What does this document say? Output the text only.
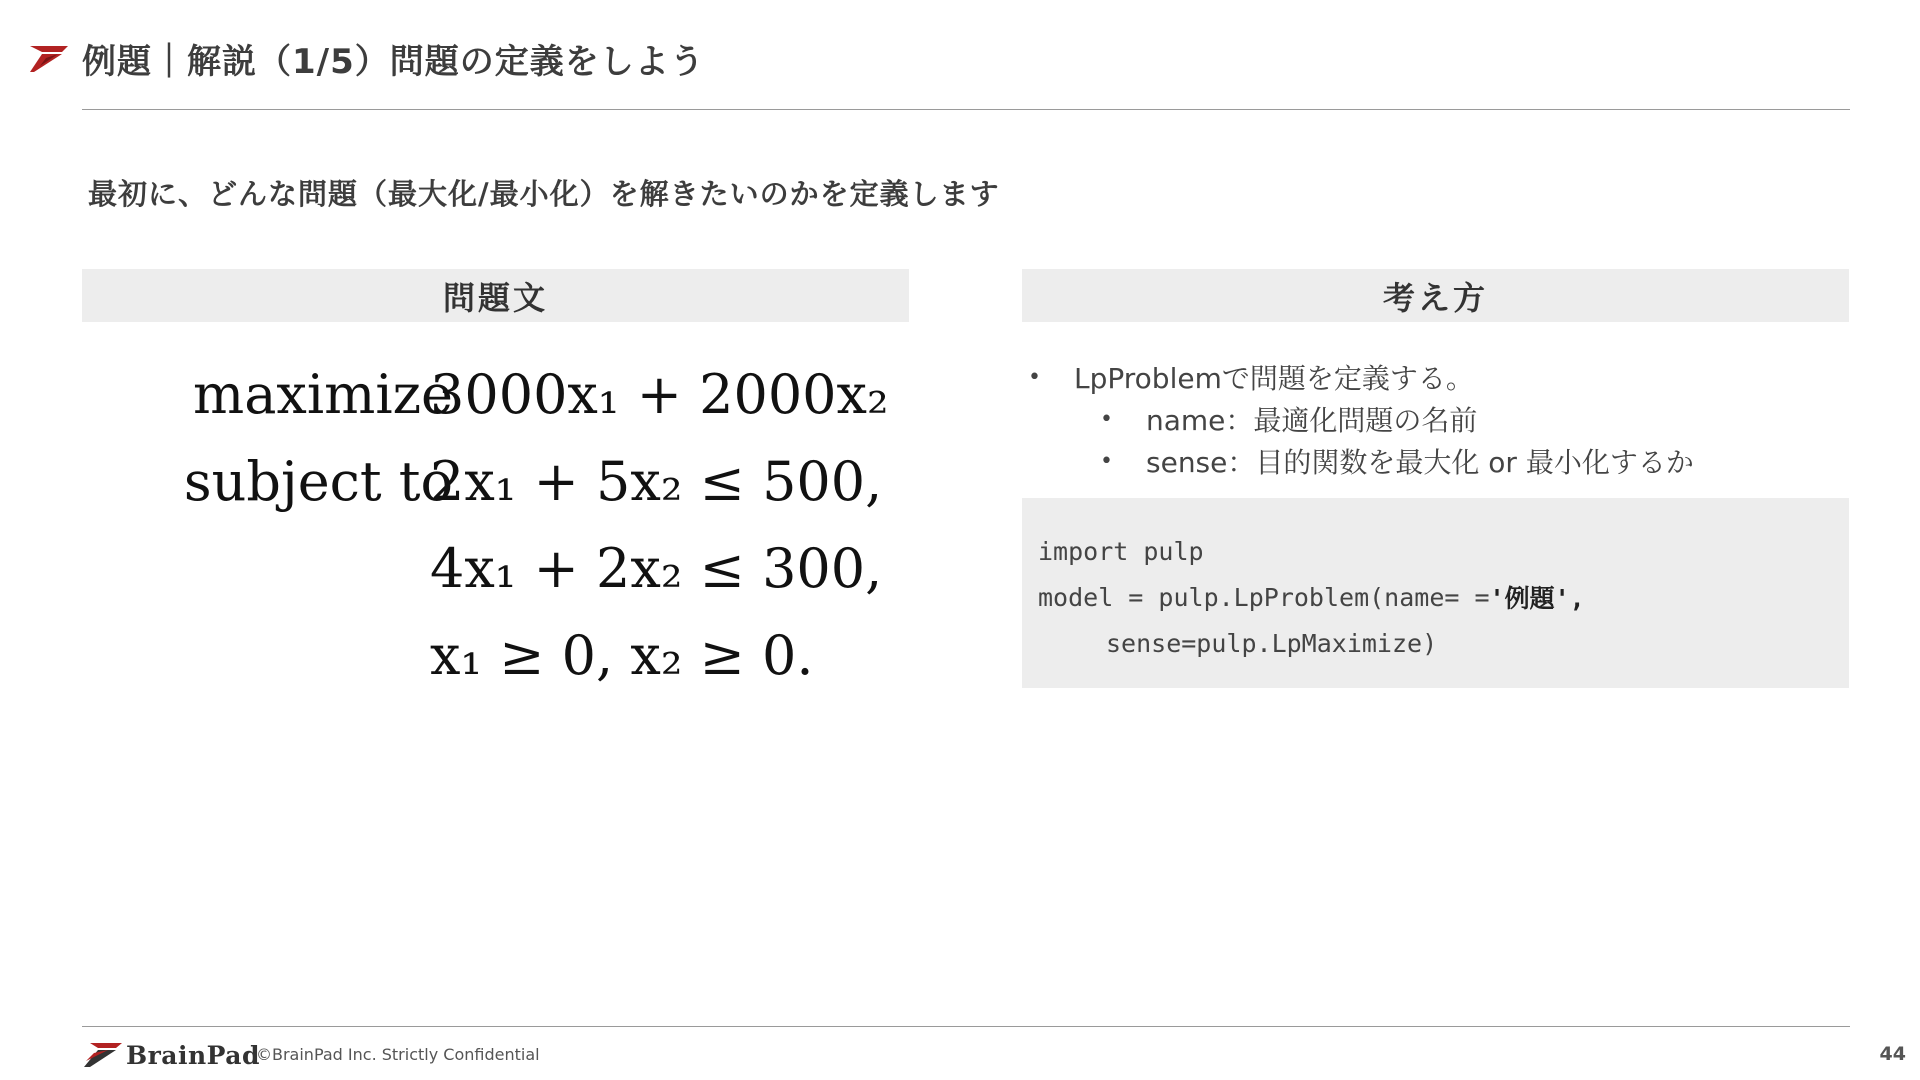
例題｜解説（1/5）問題の定義をしよう
最初に、どんな問題（最大化/最小化）を解きたいのかを定義します
問題文
maximize
3000x₁ + 2000x₂
subject to
2x₁ + 5x₂ ≤ 500,
4x₁ + 2x₂ ≤ 300,
x₁ ≥ 0, x₂ ≥ 0.
考え方
• LpProblemで問題を定義する。
• name：最適化問題の名前
• sense：目的関数を最大化 or 最小化するか
import pulp
model = pulp.LpProblem(name= = '例題',
sense=pulp.LpMaximize)
BrainPad
©BrainPad Inc. Strictly Confidential	44
